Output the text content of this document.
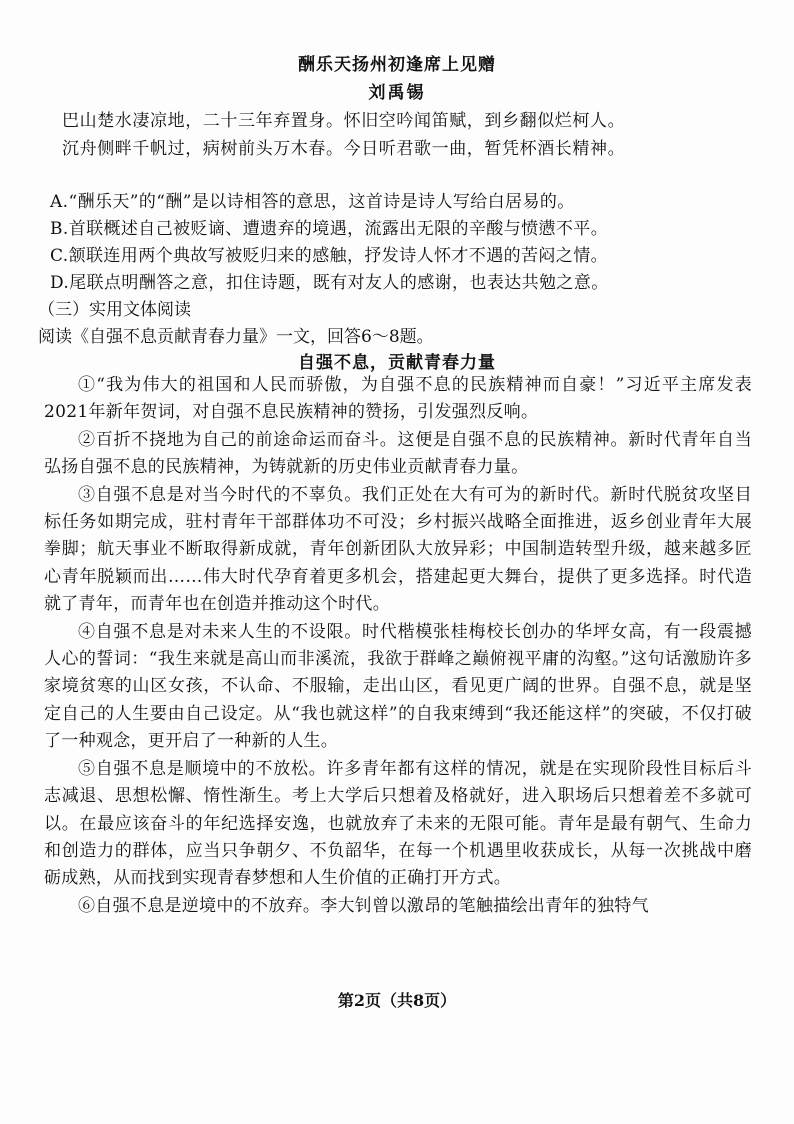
酬乐天扬州初逢席上见赠
刘禹锡
巴山楚水凄凉地，二十三年弃置身。怀旧空吟闻笛赋，到乡翻似烂柯人。
沉舟侧畔千帆过，病树前头万木春。今日听君歌一曲，暂凭杯酒长精神。
A.“酬乐天”的“酬”是以诗相答的意思，这首诗是诗人写给白居易的。
B.首联概述自己被贬谪、遭遗弃的境遇，流露出无限的辛酸与愤懑不平。
C.颔联连用两个典故写被贬归来的感触，抒发诗人怀才不遇的苦闷之情。
D.尾联点明酬答之意，扣住诗题，既有对友人的感谢，也表达共勉之意。
（三）实用文体阅读
阅读《自强不息贡献青春力量》一文，回答6～8题。
自强不息，贡献青春力量

①“我为伟大的祖国和人民而骄傲，为自强不息的民族精神而自豪！”习近平主席发表2021年新年贺词，对自强不息民族精神的赞扬，引发强烈反响。

②百折不挠地为自己的前途命运而奋斗。这便是自强不息的民族精神。新时代青年自当弘扬自强不息的民族精神，为铸就新的历史伟业贡献青春力量。

③自强不息是对当今时代的不辜负。我们正处在大有可为的新时代。新时代脱贫攻坚目标任务如期完成，驻村青年干部群体功不可没；乡村振兴战略全面推进，返乡创业青年大展拳脚；航天事业不断取得新成就，青年创新团队大放异彩；中国制造转型升级，越来越多匠心青年脱颖而出……伟大时代孕育着更多机会，搭建起更大舞台，提供了更多选择。时代造就了青年，而青年也在创造并推动这个时代。

④自强不息是对未来人生的不设限。时代楷模张桂梅校长创办的华坪女高，有一段震撼人心的誓词：“我生来就是高山而非溪流，我欲于群峰之巅俯视平庸的沟壑。”这句话激励许多家境贫寒的山区女孩，不认命、不服输，走出山区，看见更广阔的世界。自强不息，就是坚定自己的人生要由自己设定。从“我也就这样”的自我束缚到“我还能这样”的突破，不仅打破了一种观念，更开启了一种新的人生。

⑤自强不息是顺境中的不放松。许多青年都有这样的情况，就是在实现阶段性目标后斗志减退、思想松懈、惰性渐生。考上大学后只想着及格就好，进入职场后只想着差不多就可以。在最应该奋斗的年纪选择安逸，也就放弃了未来的无限可能。青年是最有朝气、生命力和创造力的群体，应当只争朝夕、不负韶华，在每一个机遇里收获成长，从每一次挑战中磨砺成熟，从而找到实现青春梦想和人生价值的正确打开方式。

⑥自强不息是逆境中的不放弃。李大钊曾以激昂的笔触描绘出青年的独特气

第2页（共8页）
